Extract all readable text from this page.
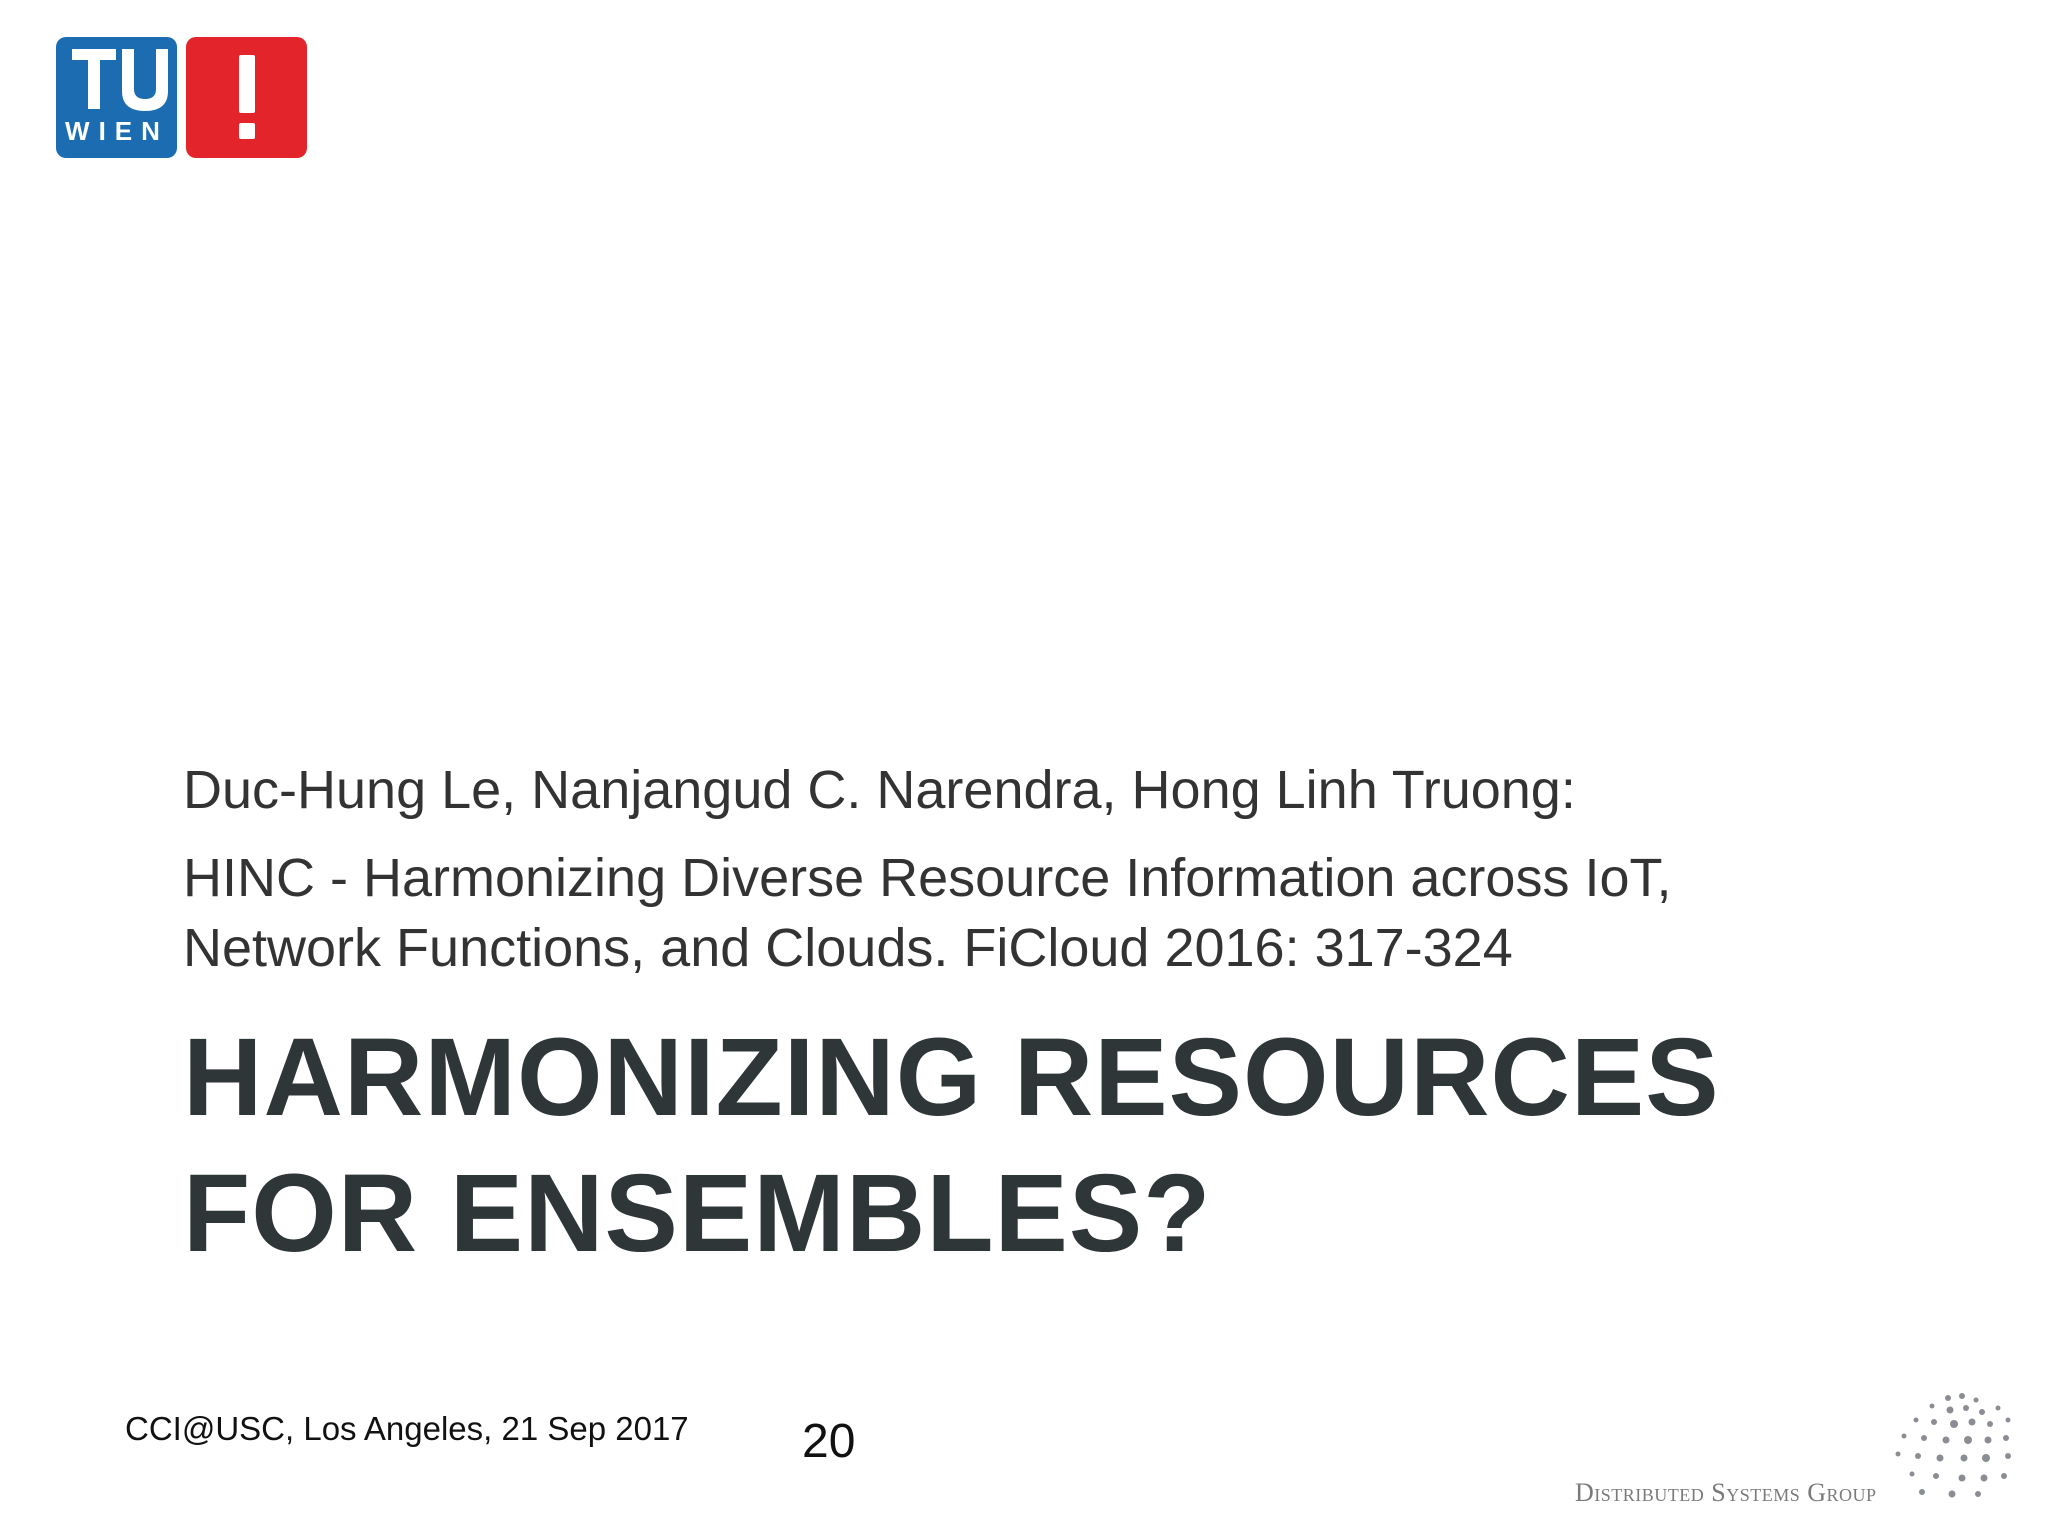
WIEN
Duc-Hung Le, Nanjangud C. Narendra, Hong Linh Truong:
HINC - Harmonizing Diverse Resource Information across IoT,
Network Functions, and Clouds. FiCloud 2016: 317-324
HARMONIZING RESOURCES
FOR ENSEMBLES?
CCI@USC, Los Angeles, 21 Sep 2017 20
Distributed Systems Group
